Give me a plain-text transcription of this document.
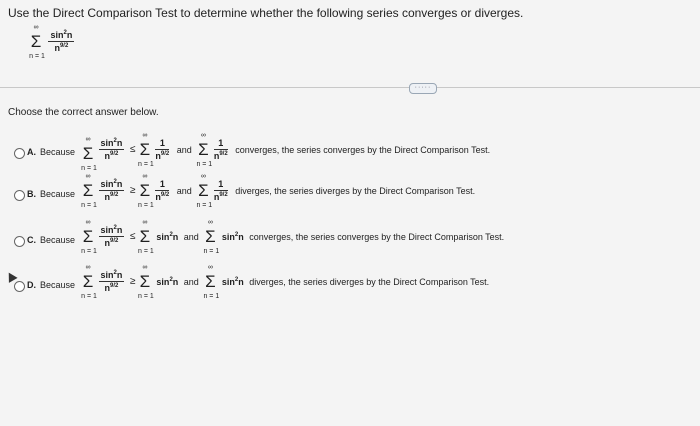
Use the Direct Comparison Test to determine whether the following series converges or diverges.
∞
Σ
n = 1

$\frac{\sin^2n}{n^{9/2}}$
·····
Choose the correct answer below.
A. Because
∞
Σ
n = 1

$\frac{\sin^2n}{n^{9/2}}$ ≤
∞
Σ
n = 1

$\frac{1}{n^{9/2}}$ and
∞
Σ
n = 1

$\frac{1}{n^{9/2}}$ converges, the series converges by the Direct Comparison Test.
B. Because
∞
Σ
n = 1

$\frac{\sin^2n}{n^{9/2}}$ ≥
∞
Σ
n = 1

$\frac{1}{n^{9/2}}$ and
∞
Σ
n = 1

$\frac{1}{n^{9/2}}$ diverges, the series diverges by the Direct Comparison Test.
C. Because
∞
Σ
n = 1

$\frac{\sin^2n}{n^{9/2}}$ ≤
∞
Σ
n = 1
$\sin^2n$ and
∞
Σ
n = 1
$\sin^2n$ converges, the series converges by the Direct Comparison Test.
D. Because
∞
Σ
n = 1

$\frac{\sin^2n}{n^{9/2}}$ ≥
∞
Σ
n = 1
$\sin^2n$ and
∞
Σ
n = 1
$\sin^2n$ diverges, the series diverges by the Direct Comparison Test.
